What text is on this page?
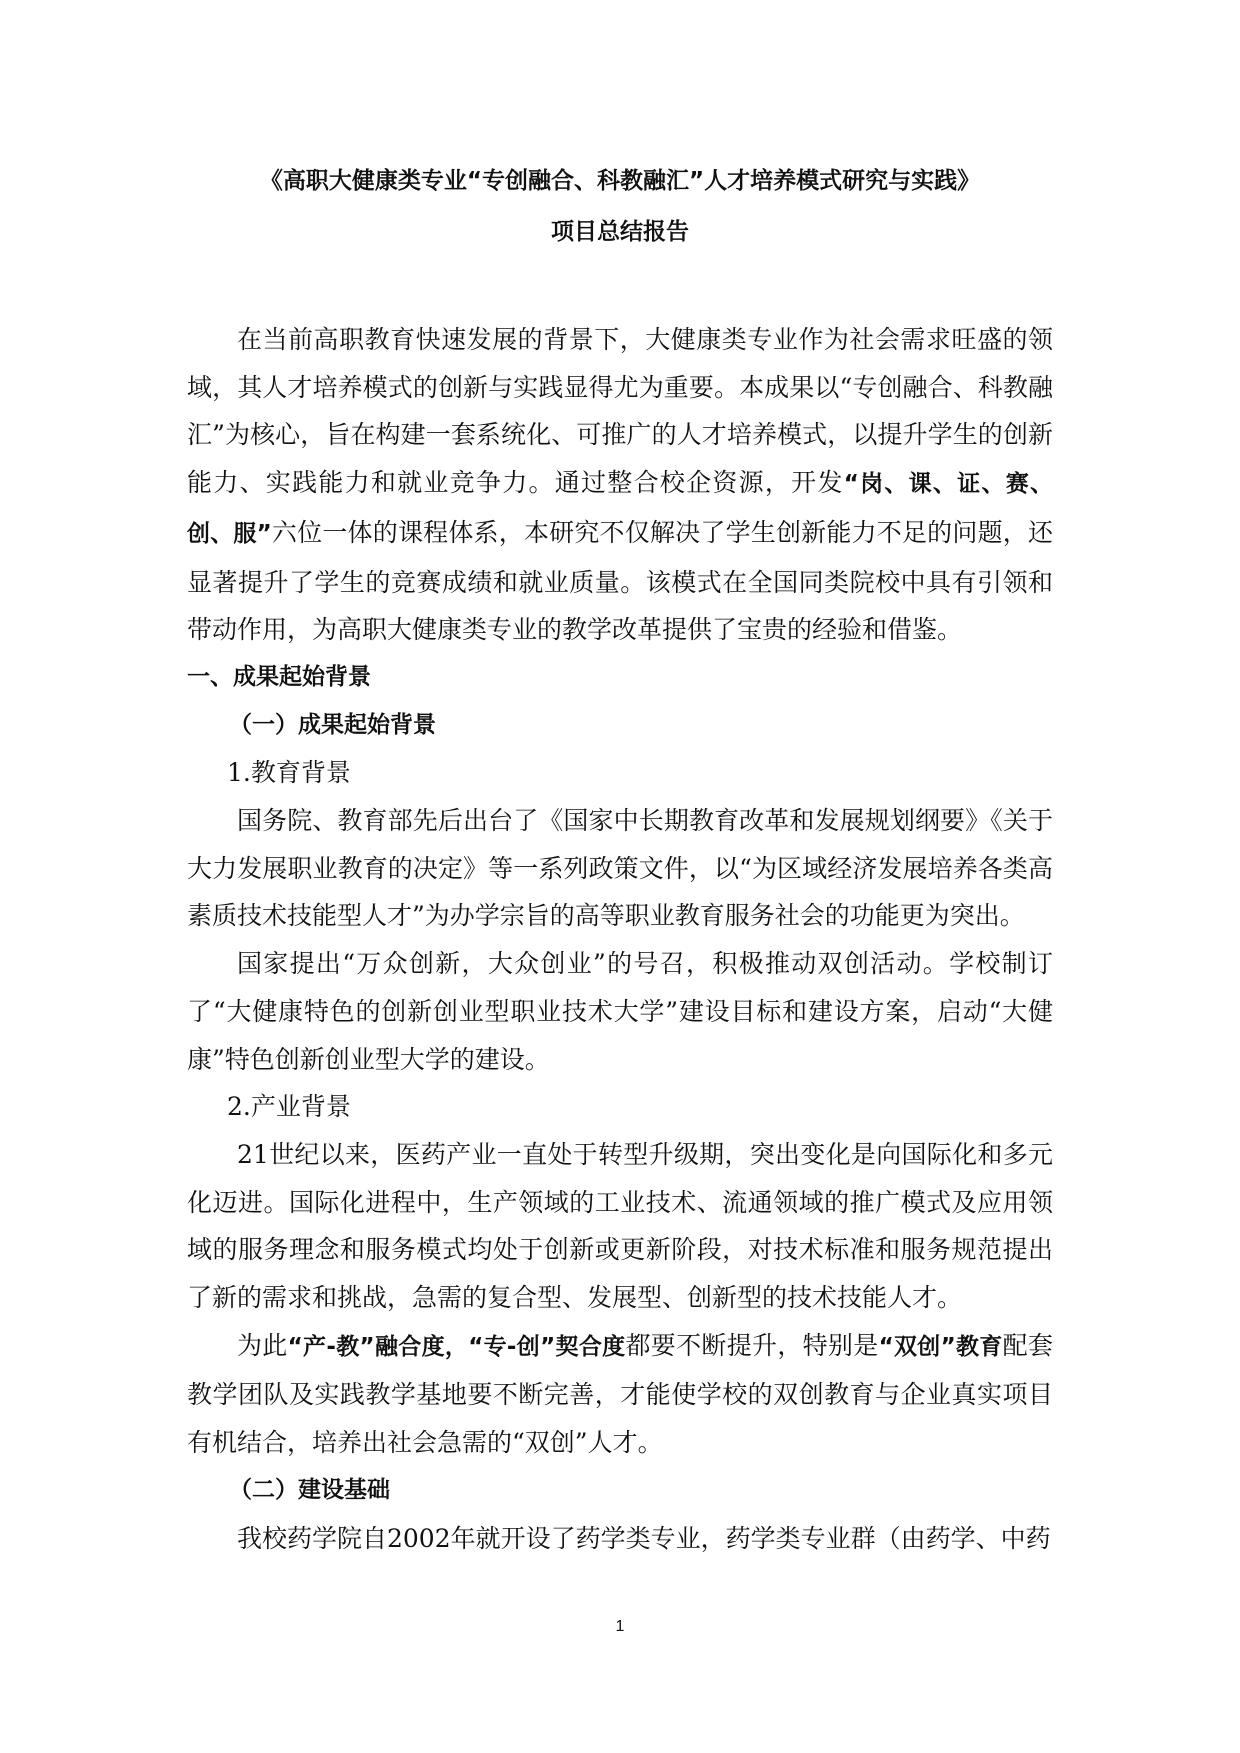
《高职大健康类专业“专创融合、科教融汇”人才培养模式研究与实践》
项目总结报告

在当前高职教育快速发展的背景下，大健康类专业作为社会需求旺盛的领域，其人才培养模式的创新与实践显得尤为重要。本成果以“专创融合、科教融汇”为核心，旨在构建一套系统化、可推广的人才培养模式，以提升学生的创新能力、实践能力和就业竞争力。通过整合校企资源，开发“岗、课、证、赛、创、服”六位一体的课程体系，本研究不仅解决了学生创新能力不足的问题，还显著提升了学生的竞赛成绩和就业质量。该模式在全国同类院校中具有引领和带动作用，为高职大健康类专业的教学改革提供了宝贵的经验和借鉴。

一、成果起始背景

（一）成果起始背景

1.教育背景

国务院、教育部先后出台了《国家中长期教育改革和发展规划纲要》《关于大力发展职业教育的决定》等一系列政策文件，以“为区域经济发展培养各类高素质技术技能型人才”为办学宗旨的高等职业教育服务社会的功能更为突出。

国家提出“万众创新，大众创业”的号召，积极推动双创活动。学校制订了“大健康特色的创新创业型职业技术大学”建设目标和建设方案，启动“大健康”特色创新创业型大学的建设。

2.产业背景

21世纪以来，医药产业一直处于转型升级期，突出变化是向国际化和多元化迈进。国际化进程中，生产领域的工业技术、流通领域的推广模式及应用领域的服务理念和服务模式均处于创新或更新阶段，对技术标准和服务规范提出了新的需求和挑战，急需的复合型、发展型、创新型的技术技能人才。

为此“产-教”融合度，“专-创”契合度都要不断提升，特别是“双创”教育配套教学团队及实践教学基地要不断完善，才能使学校的双创教育与企业真实项目有机结合，培养出社会急需的“双创”人才。

（二）建设基础

我校药学院自2002年就开设了药学类专业，药学类专业群（由药学、中药

1
